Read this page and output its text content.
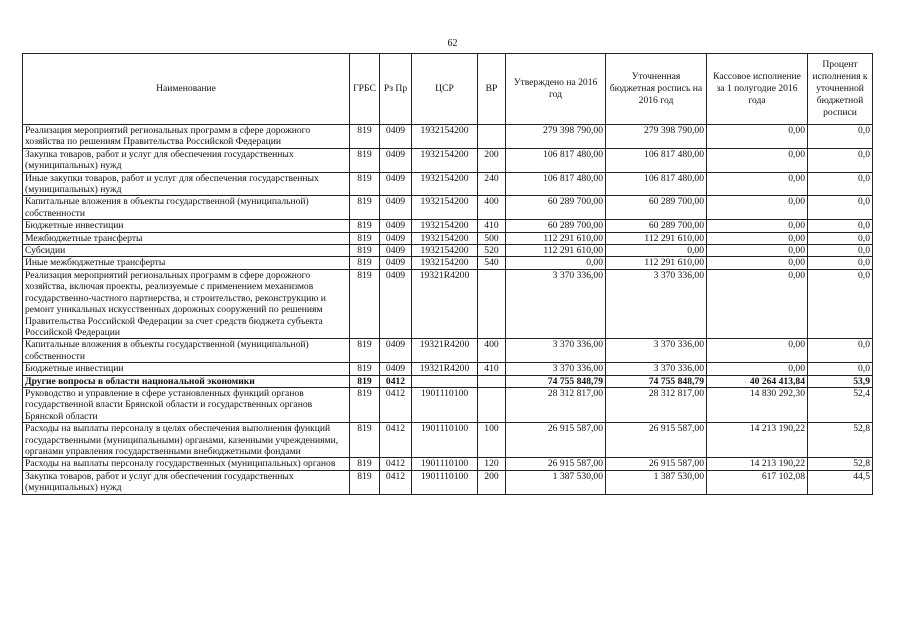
62
Наименование	ГРБС	Рз Пр	ЦСР	ВР	Утверждено на 2016 год	Уточненная бюджетная роспись на 2016 год	Кассовое исполнение за 1 полугодие 2016 года	Процент исполнения к уточненной бюджетной росписи
Реализация мероприятий региональных программ в сфере дорожного хозяйства по решениям Правительства Российской Федерации	819	0409	1932154200		279 398 790,00	279 398 790,00	0,00	0,0
Закупка товаров, работ и услуг для обеспечения государственных (муниципальных) нужд	819	0409	1932154200	200	106 817 480,00	106 817 480,00	0,00	0,0
Иные закупки товаров, работ и услуг для обеспечения государственных (муниципальных) нужд	819	0409	1932154200	240	106 817 480,00	106 817 480,00	0,00	0,0
Капитальные вложения в объекты государственной (муниципальной) собственности	819	0409	1932154200	400	60 289 700,00	60 289 700,00	0,00	0,0
Бюджетные инвестиции	819	0409	1932154200	410	60 289 700,00	60 289 700,00	0,00	0,0
Межбюджетные трансферты	819	0409	1932154200	500	112 291 610,00	112 291 610,00	0,00	0,0
Субсидии	819	0409	1932154200	520	112 291 610,00	0,00	0,00	0,0
Иные межбюджетные трансферты	819	0409	1932154200	540	0,00	112 291 610,00	0,00	0,0
Реализация мероприятий региональных программ в сфере дорожного хозяйства, включая проекты, реализуемые с применением механизмов государственно-частного партнерства, и строительство, реконструкцию и ремонт уникальных искусственных дорожных сооружений по решениям Правительства Российской Федерации за счет средств бюджета субъекта Российской Федерации	819	0409	19321R4200		3 370 336,00	3 370 336,00	0,00	0,0
Капитальные вложения в объекты государственной (муниципальной) собственности	819	0409	19321R4200	400	3 370 336,00	3 370 336,00	0,00	0,0
Бюджетные инвестиции	819	0409	19321R4200	410	3 370 336,00	3 370 336,00	0,00	0,0
Другие вопросы в области национальной экономики	819	0412			74 755 848,79	74 755 848,79	40 264 413,84	53,9
Руководство и управление в сфере установленных функций органов государственной власти Брянской области и государственных органов Брянской области	819	0412	1901110100		28 312 817,00	28 312 817,00	14 830 292,30	52,4
Расходы на выплаты персоналу в целях обеспечения выполнения функций государственными (муниципальными) органами, казенными учреждениями, органами управления государственными внебюджетными фондами	819	0412	1901110100	100	26 915 587,00	26 915 587,00	14 213 190,22	52,8
Расходы на выплаты персоналу государственных (муниципальных) органов	819	0412	1901110100	120	26 915 587,00	26 915 587,00	14 213 190,22	52,8
Закупка товаров, работ и услуг для обеспечения государственных (муниципальных) нужд	819	0412	1901110100	200	1 387 530,00	1 387 530,00	617 102,08	44,5
